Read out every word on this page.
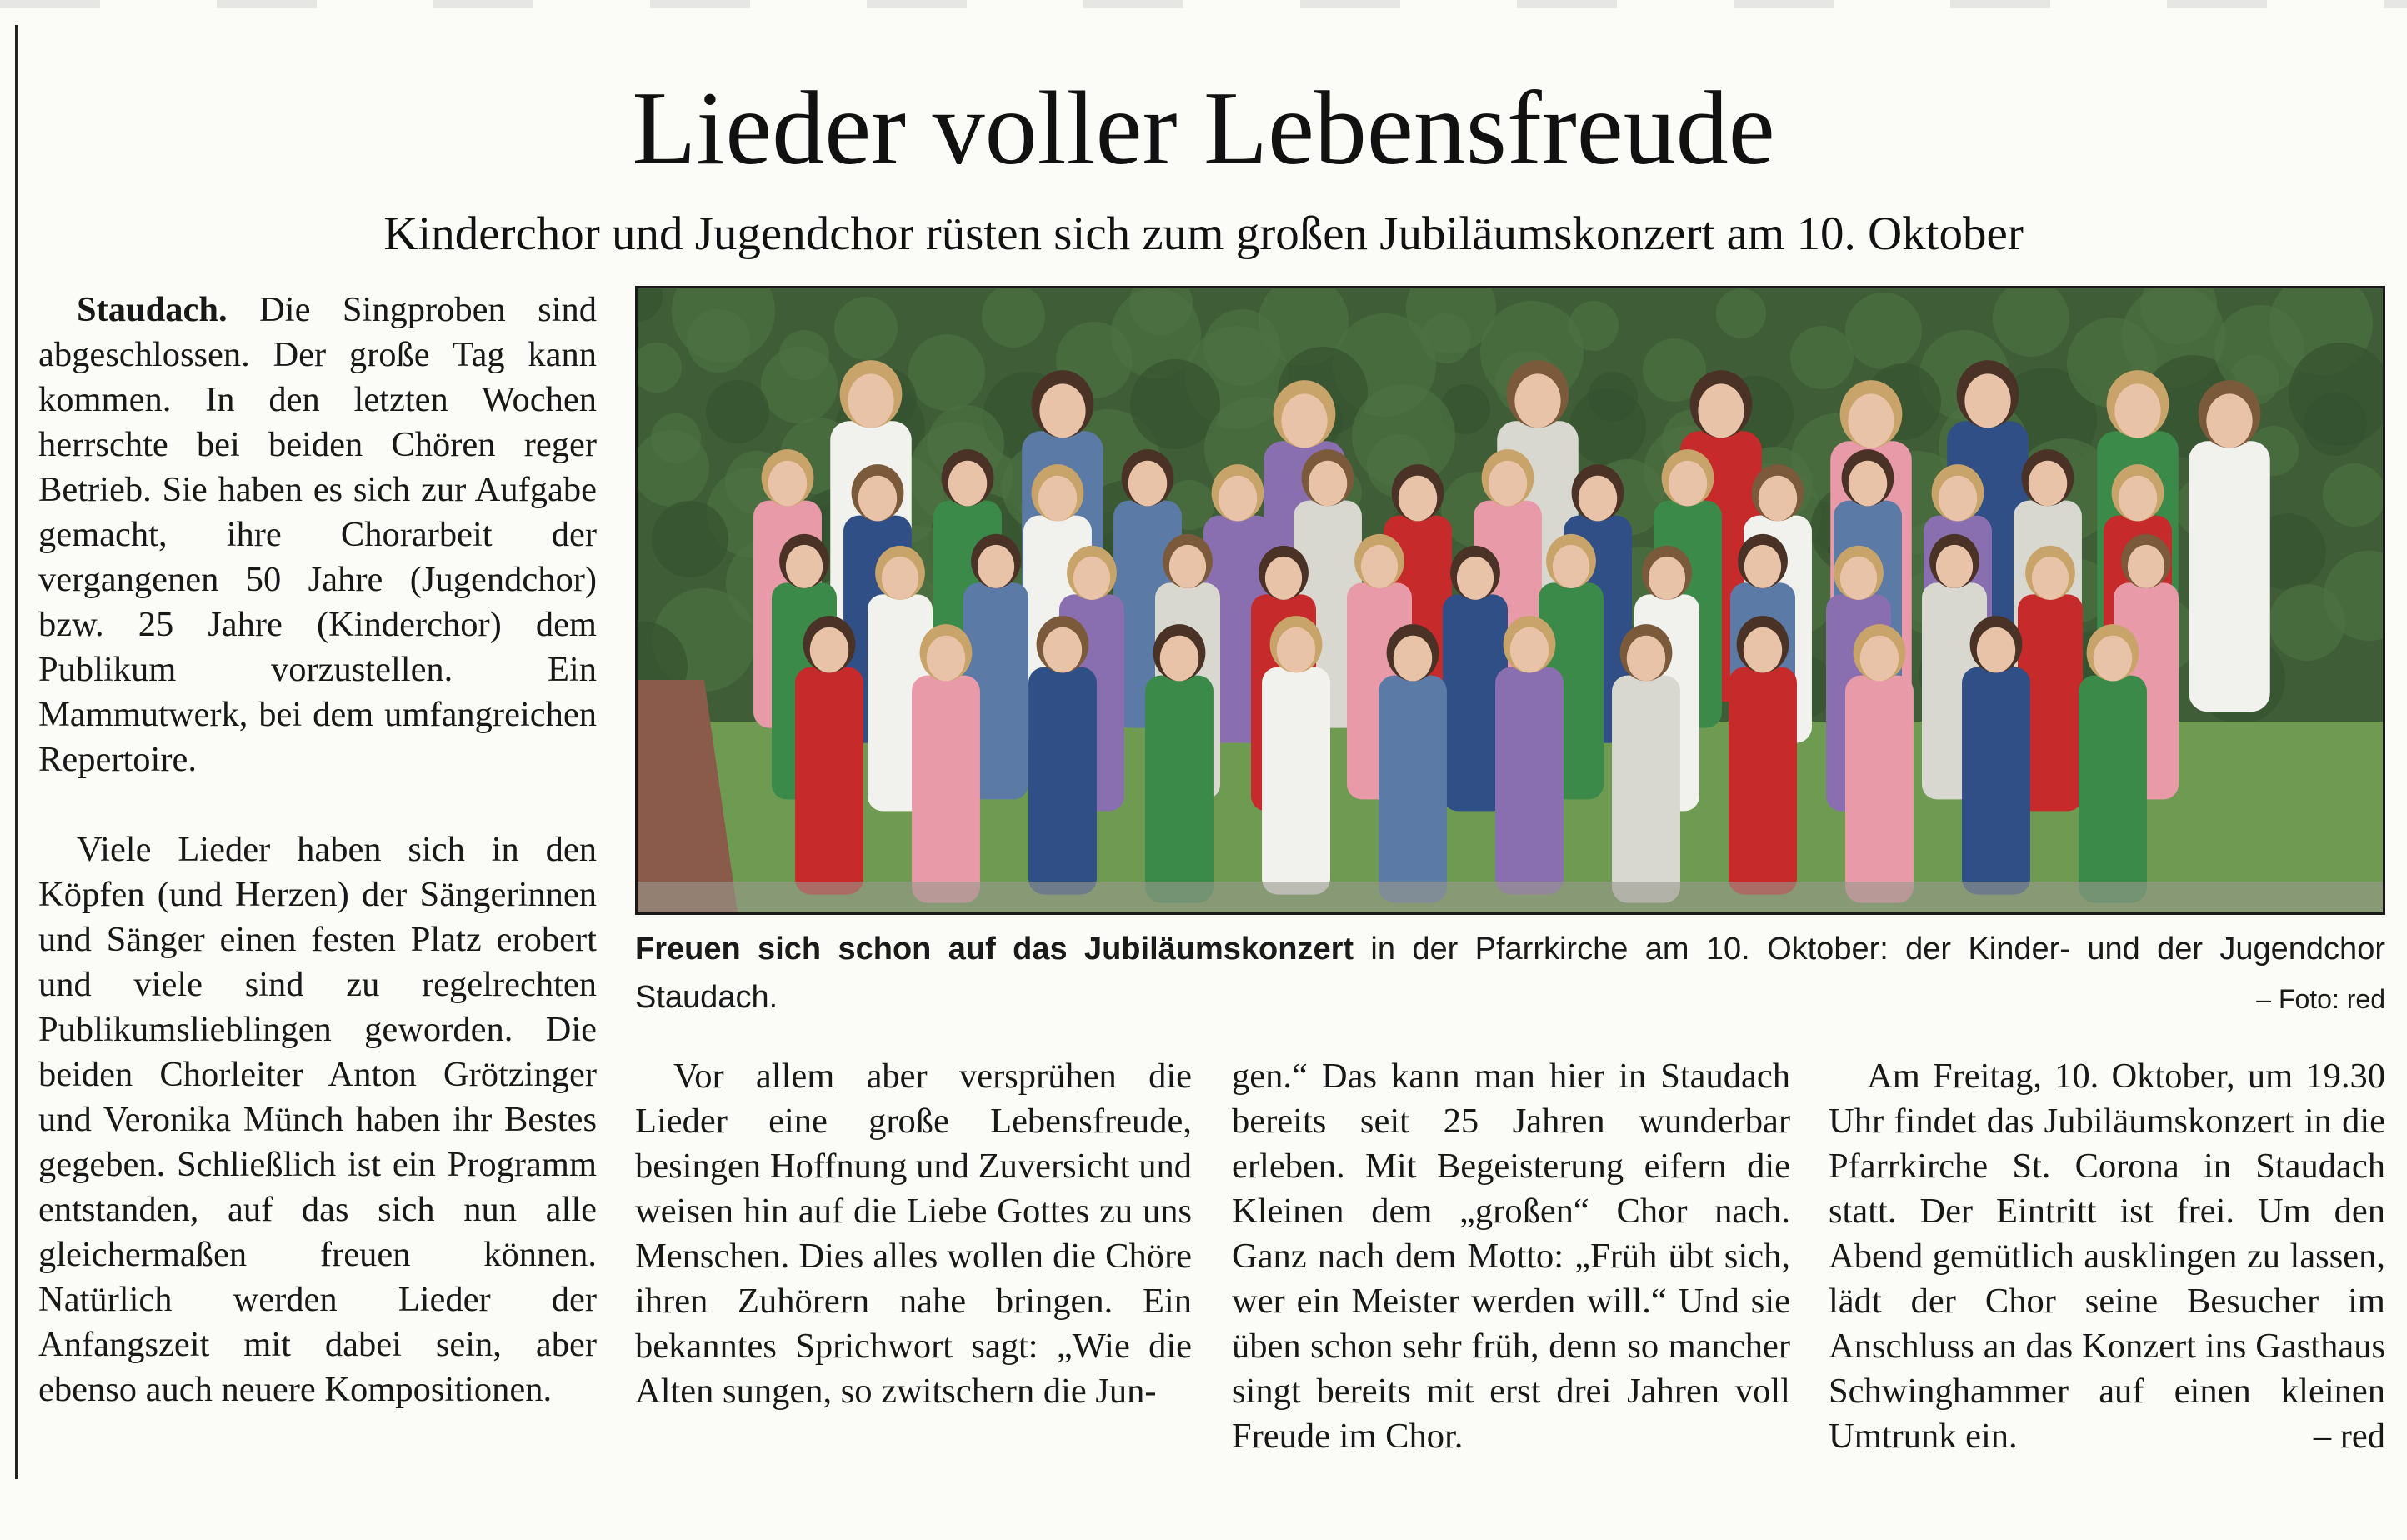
Lieder voller Lebensfreude
Kinderchor und Jugendchor rüsten sich zum großen Jubiläumskonzert am 10. Oktober

Staudach. Die Singproben sind abgeschlossen. Der große Tag kann kommen. In den letzten Wochen herrschte bei beiden Chören reger Betrieb. Sie haben es sich zur Aufgabe gemacht, ihre Chorarbeit der vergangenen 50 Jahre (Jugendchor) bzw. 25 Jahre (Kinderchor) dem Publikum vorzustellen. Ein Mammutwerk, bei dem umfangreichen Repertoire.

Viele Lieder haben sich in den Köpfen (und Herzen) der Sängerinnen und Sänger einen festen Platz erobert und viele sind zu regelrechten Publikumslieblingen geworden. Die beiden Chorleiter Anton Grötzinger und Veronika Münch haben ihr Bestes gegeben. Schließlich ist ein Programm entstanden, auf das sich nun alle gleichermaßen freuen können. Natürlich werden Lieder der Anfangszeit mit dabei sein, aber ebenso auch neuere Kompositionen.

Freuen sich schon auf das Jubiläumskonzert in der Pfarrkirche am 10. Oktober: der Kinder- und der Jugendchor Staudach.	– Foto: red

Vor allem aber versprühen die Lieder eine große Lebensfreude, besingen Hoffnung und Zuversicht und weisen hin auf die Liebe Gottes zu uns Menschen. Dies alles wollen die Chöre ihren Zuhörern nahe bringen. Ein bekanntes Sprichwort sagt: „Wie die Alten sungen, so zwitschern die Jun-

gen.“ Das kann man hier in Staudach bereits seit 25 Jahren wunderbar erleben. Mit Begeisterung eifern die Kleinen dem „großen“ Chor nach. Ganz nach dem Motto: „Früh übt sich, wer ein Meister werden will.“ Und sie üben schon sehr früh, denn so mancher singt bereits mit erst drei Jahren voll Freude im Chor.

Am Freitag, 10. Oktober, um 19.30 Uhr findet das Jubiläumskonzert in die Pfarrkirche St. Corona in Staudach statt. Der Eintritt ist frei. Um den Abend gemütlich ausklingen zu lassen, lädt der Chor seine Besucher im Anschluss an das Konzert ins Gasthaus Schwinghammer auf einen kleinen Umtrunk ein.	– red
